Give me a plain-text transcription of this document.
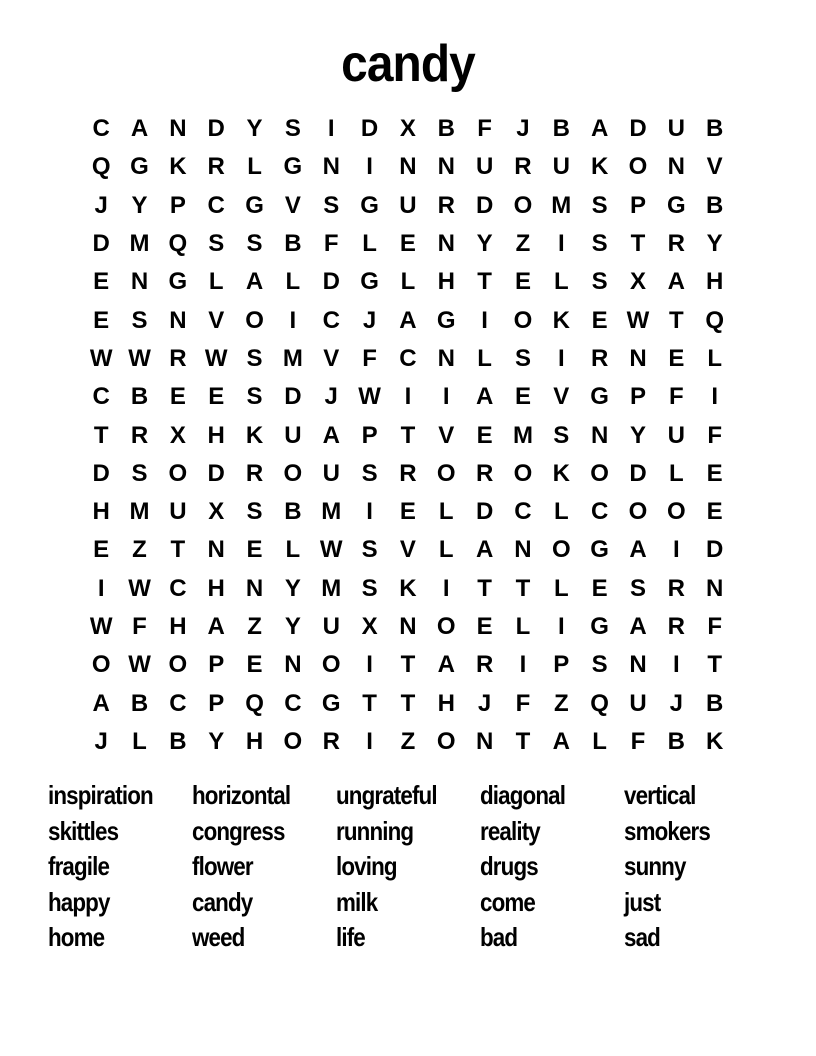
candy
C A N D Y S	I	D X B F	J B A D U B
Q G K R L G N	I	N N U R U K O N V
J Y P C G V S G U R D O M S P G B
D M Q S S B F L E N Y Z	I	S T R Y
E N G L A L D G L H T E L S X A H
E S N V O	I	C J A G	I	O K E W T Q
W W R W S M V F C N L S	I	R N E L
C B E E S D J W I	I	A E V G P F	I
T R X H K U A P T V E M S N Y U F
D S O D R O U S R O R O K O D L E
H M U X S B M	I	E L D C L C O O E
E Z T N E L W S V L A N O G A	I	D
I W C H N Y M S K	I	T T L E S R N
W F H A Z Y U X N O E L	I	G A R F
O W O P E N O	I	T A R	I	P S N	I	T
A B C P Q C G T T H J	F Z Q U J B
J	L B Y H O R	I	Z O N T A L F B K
inspiration	horizontal	ungrateful	diagonal	vertical
skittles	congress	running	reality	smokers
fragile	flower	loving	drugs	sunny
happy	candy	milk	come	just
home	weed	life	bad	sad
